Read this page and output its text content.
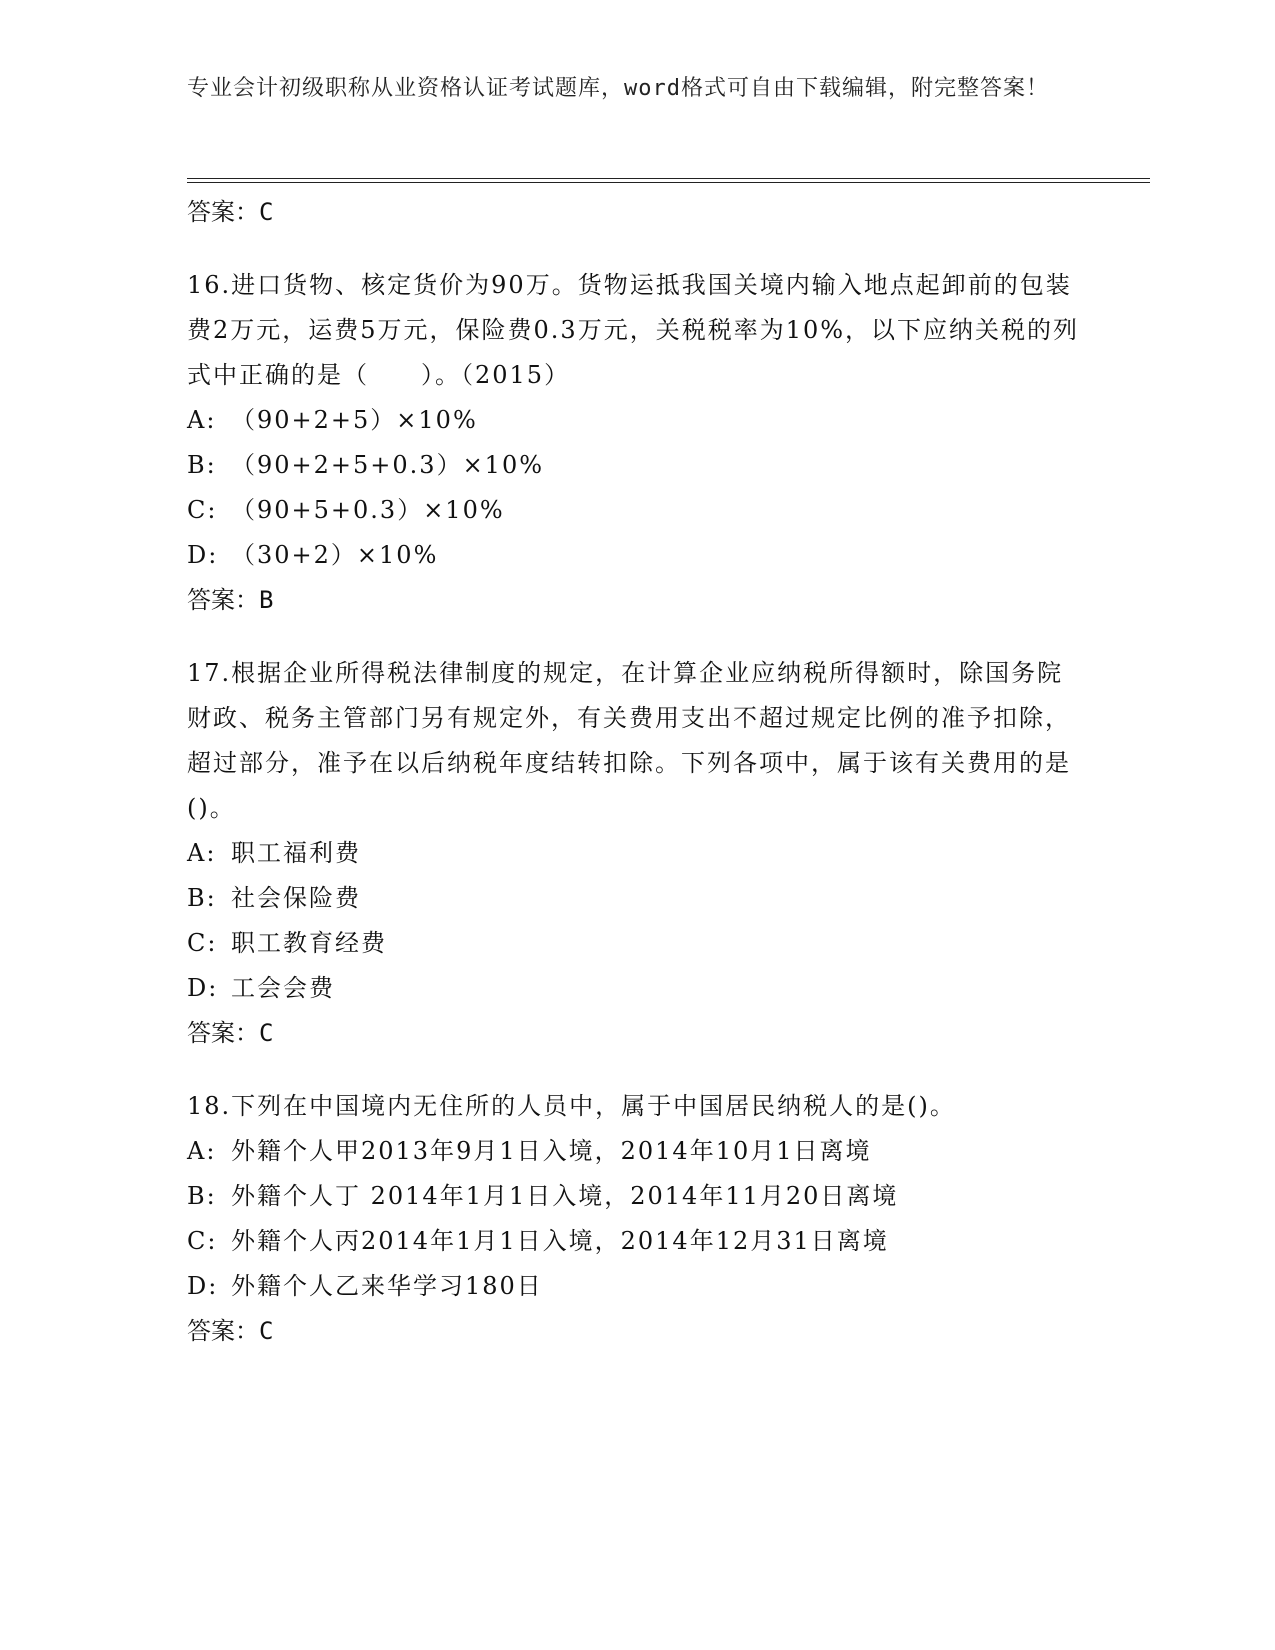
专业会计初级职称从业资格认证考试题库，word格式可自由下载编辑，附完整答案！
答案：C
16.进口货物、核定货价为90万。货物运抵我国关境内输入地点起卸前的包装费2万元，运费5万元，保险费0.3万元，关税税率为10%，以下应纳关税的列式中正确的是（　　）。（2015）
A: （90+2+5）×10%
B: （90+2+5+0.3）×10%
C: （90+5+0.3）×10%
D: （30+2）×10%
答案：B
17.根据企业所得税法律制度的规定，在计算企业应纳税所得额时，除国务院财政、税务主管部门另有规定外，有关费用支出不超过规定比例的准予扣除，超过部分，准予在以后纳税年度结转扣除。下列各项中，属于该有关费用的是()。
A: 职工福利费
B: 社会保险费
C: 职工教育经费
D: 工会会费
答案：C
18.下列在中国境内无住所的人员中，属于中国居民纳税人的是()。
A: 外籍个人甲2013年9月1日入境，2014年10月1日离境
B: 外籍个人丁 2014年1月1日入境，2014年11月20日离境
C: 外籍个人丙2014年1月1日入境，2014年12月31日离境
D: 外籍个人乙来华学习180日
答案：C
